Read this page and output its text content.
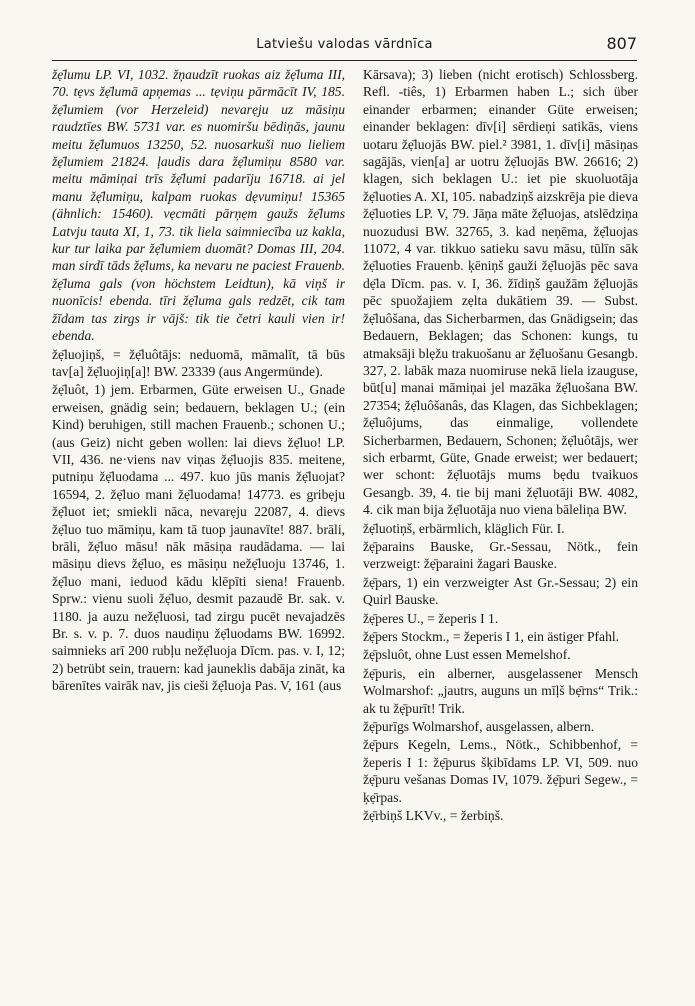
Latviešu valodas vārdnīca	807

žẹ̄lumu LP. VI, 1032. žņaudzīt ruokas aiz žẹ̄luma III, 70. tẹvs žẹ̄lumā apņemas ... tẹviņu pārmācīt IV, 185. žẹ̄lumiem (vor Herzeleid) nevarẹju uz māsiņu raudztīes BW. 5731 var. es nuomiršu bēdiņās, jaunu meitu žẹ̄lumuos 13250, 52. nuosarkuši nuo lieliem žẹ̄lumiem 21824. ļaudis dara žẹ̄lumiņu 8580 var. meitu māmiņai trīs žẹ̄lumi padarīju 16718. ai jel manu žẹ̄lumiņu, kalpam ruokas dẹvumiņu! 15365 (ähnlich: 15460). vẹcmāti pārņẹm gaužs žẹ̄lums Latvju tauta XI, 1, 73. tik liela saimniecība uz kakla, kur tur laika par žẹ̄lumiem duomāt? Domas III, 204. man sirdī tāds žẹ̄lums, ka nevaru ne paciest Frauenb. žẹ̄luma gals (von höchstem Leidtun), kā viņš ir nuonīcis! ebenda. tīri žẹ̄luma gals redzēt, cik tam žīdam tas zirgs ir vājš: tik tie četri kauli vien ir! ebenda.

žẹ̄luojiņš, = žẹ̄luôtājs: neduomā, māmalīt, tā būs tav[a] žẹ̄luojiņ[a]! BW. 23339 (aus Angermünde).

žẹ̄luôt, 1) jem. Erbarmen, Güte erweisen U., Gnade erweisen, gnädig sein; bedauern, beklagen U.; (ein Kind) beruhigen, still machen Frauenb.; schonen U.; (aus Geiz) nicht geben wollen: lai dievs žẹ̄luo! LP. VII, 436. ne·viens nav viņas žẹ̄luojis 835. meitene, putniņu žẹ̄luodama ... 497. kuo jūs manis žẹ̄luojat? 16594, 2. žẹ̄luo mani žẹ̄luodama! 14773. es gribẹju žẹ̄luot iet; smiekli nāca, nevarẹju 22087, 4. dievs žẹ̄luo tuo māmiņu, kam tā tuop jaunavīte! 887. brāli, brāli, žẹ̄luo māsu! nāk māsiņa raudādama. — lai māsiņu dievs žẹ̄luo, es māsiņu nežẹ̄luoju 13746, 1. žẹ̄luo mani, ieduod kādu klēpīti siena! Frauenb. Sprw.: vienu suoli žẹ̄luo, desmit pazaudē Br. sak. v. 1180. ja auzu nežẹ̄luosi, tad zirgu pucēt nevajadzēs Br. s. v. p. 7. duos naudiņu žẹ̄luodams BW. 16992. saimnieks arī 200 rubļu nežẹ̄luoja Dīcm. pas. v. I, 12; 2) betrübt sein, trauern: kad jauneklis dabāja zināt, ka bārenītes vairāk nav, jis cieši žẹ̄luoja Pas. V, 161 (aus

Kārsava); 3) lieben (nicht erotisch) Schlossberg. Refl. -tiês, 1) Erbarmen haben L.; sich über einander erbarmen; einander Güte erweisen; einander beklagen: dīv[i] sērdieņi satikās, viens uotaru žẹ̄luojās BW. piel.² 3981, 1. dīv[i] māsiņas sagājās, vien[a] ar uotru žẹ̄luojās BW. 26616; 2) klagen, sich beklagen U.: iet pie skuoluotāja žẹ̄luoties A. XI, 105. nabadziņš aizskrēja pie dieva žẹ̄luoties LP. V, 79. Jāņa māte žẹ̄luojas, atslēdziņa nuozudusi BW. 32765, 3. kad neņēma, žẹ̄luojas 11072, 4 var. tikkuo satieku savu māsu, tūlīn sāk žẹ̄luoties Frauenb. ķēniņš gauži žẹ̄luojās pēc sava dẹ̄la Dīcm. pas. v. I, 36. žīdiņš gaužām žẹ̄luojās pēc spuožajiem zẹlta dukātiem 39. — Subst. žẹ̄luôšana, das Sicherbarmen, das Gnädigsein; das Bedauern, Beklagen; das Schonen: kungs, tu atmaksāji blẹžu trakuošanu ar žẹ̄luošanu Gesangb. 327, 2. labāk maza nuomiruse nekā liela izauguse, būt[u] manai māmiņai jel mazāka žẹ̄luošana BW. 27354; žẹ̄luôšanâs, das Klagen, das Sichbeklagen; žẹ̄luôjums, das einmalige, vollendete Sicherbarmen, Bedauern, Schonen; žẹ̄luôtājs, wer sich erbarmt, Güte, Gnade erweist; wer bedauert; wer schont: žẹ̄luotājs mums bẹdu tvaikuos Gesangb. 39, 4. tie bij mani žẹ̄luotāji BW. 4082, 4. cik man bija žẹ̄luotāja nuo viena bāleliņa BW.

žẹ̄luotiņš, erbärmlich, kläglich Für. I.

žẹ̄parains Bauske, Gr.-Sessau, Nötk., fein verzweigt: žẹ̄paraini žagari Bauske.

žẹ̄pars, 1) ein verzweigter Ast Gr.-Sessau; 2) ein Quirl Bauske.

žẹ̄peres U., = žeperis I 1.

žẹ̄pers Stockm., = žeperis I 1, ein ästiger Pfahl.

žẹ̄psluôt, ohne Lust essen Memelshof.

žẹ̄puris, ein alberner, ausgelassener Mensch Wolmarshof: „jautrs, auguns un mīļš bẹ̄rns“ Trik.: ak tu žẹ̄purīt! Trik.

žẹ̄purīgs Wolmarshof, ausgelassen, albern.

žẹ̄purs Kegeln, Lems., Nötk., Schibbenhof, = žeperis I 1: žẹ̄purus šķibīdams LP. VI, 509. nuo žẹ̄puru vešanas Domas IV, 1079. žẹ̄puri Segew., = ķẹ̄rpas.

žẹ̄rbiņš LKVv., = žerbiņš.
